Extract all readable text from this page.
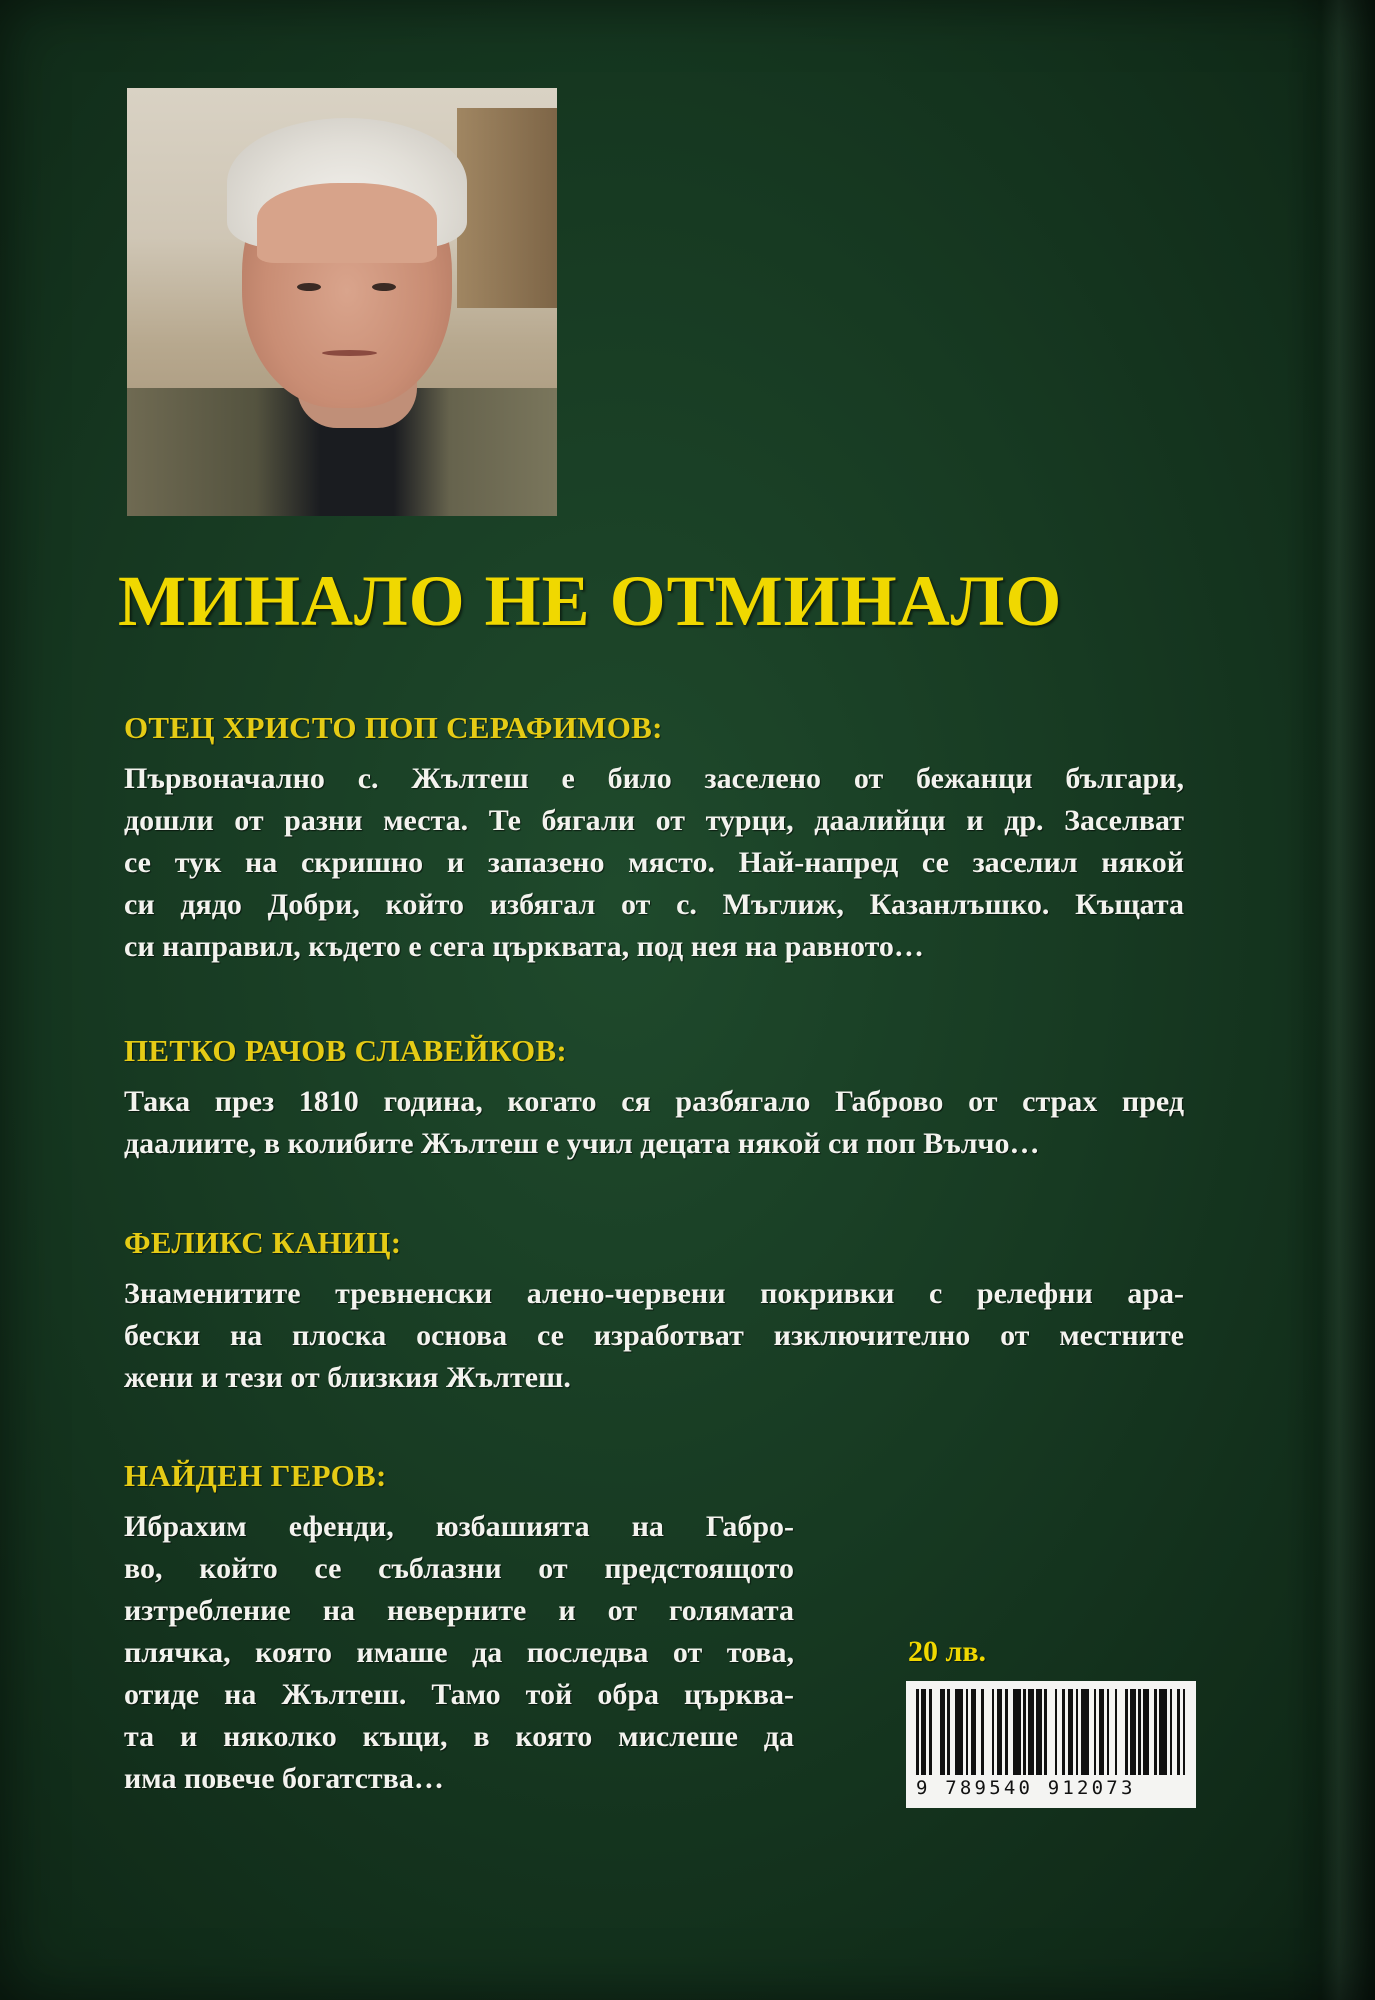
МИНАЛО НЕ ОТМИНАЛО
ОТЕЦ ХРИСТО ПОП СЕРАФИМОВ:

Първоначално с. Жълтеш е било заселено от бежанци българи,
дошли от разни места. Те бягали от турци, даалийци и др. Заселват
се тук на скришно и запазено място. Най-напред се заселил някой
си дядо Добри, който избягал от с. Мъглиж, Казанлъшко. Къщата
си направил, където е сега църквата, под нея на равното…

ПЕТКО РАЧОВ СЛАВЕЙКОВ:

Така през 1810 година, когато ся разбягало Габрово от страх пред
даалиите, в колибите Жълтеш е учил децата някой си поп Вълчо…

ФЕЛИКС КАНИЦ:

Знаменитите тревненски алено-червени покривки с релефни ара-
бески на плоска основа се изработват изключително от местните
жени и тези от близкия Жълтеш.

НАЙДЕН ГЕРОВ:

Ибрахим ефенди, юзбашията на Габро-
во, който се съблазни от предстоящото
изтребление на неверните и от голямата
плячка, която имаше да последва от това,
отиде на Жълтеш. Тамо той обра църква-
та и няколко къщи, в която мислеше да
има повече богатства…

20 лв.
9 789540 912073
